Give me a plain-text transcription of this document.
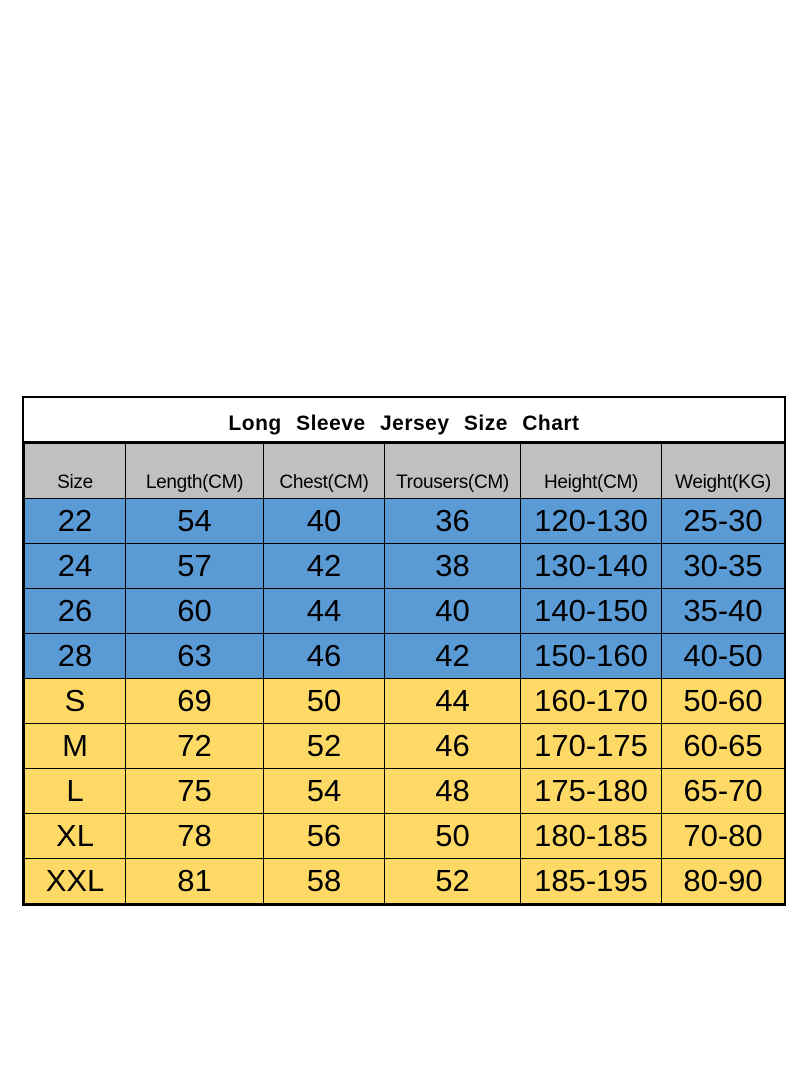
Long Sleeve Jersey Size Chart
Size	Length(CM)	Chest(CM)	Trousers(CM)	Height(CM)	Weight(KG)
22	54	40	36	120-130	25-30
24	57	42	38	130-140	30-35
26	60	44	40	140-150	35-40
28	63	46	42	150-160	40-50
S	69	50	44	160-170	50-60
M	72	52	46	170-175	60-65
L	75	54	48	175-180	65-70
XL	78	56	50	180-185	70-80
XXL	81	58	52	185-195	80-90
